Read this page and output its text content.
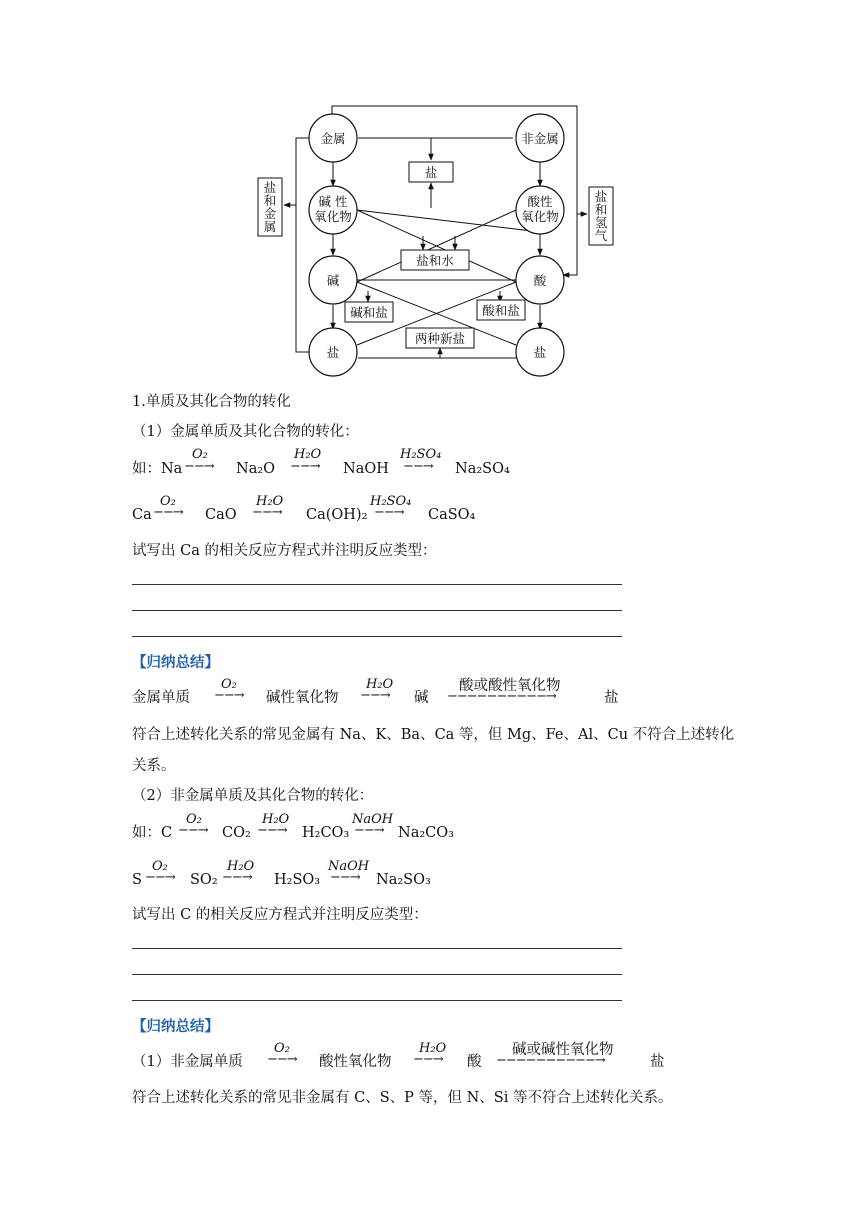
金属	非金属
碱 性
氧化物
酸性
氧化物
碱	酸
盐	盐
盐
盐和水
碱和盐	酸和盐
两种新盐
盐
和
金
属
盐
和
氢
气
1.单质及其化合物的转化
（1）金属单质及其化合物的转化：
如：Na
O₂
−−→ Na₂O
H₂O
−−→ NaOH
H₂SO₄
−−→ Na₂SO₄
Ca
O₂
−−→ CaO
H₂O
−−→ Ca(OH)₂
H₂SO₄
−−→ CaSO₄
试写出 Ca 的相关反应方程式并注明反应类型：
【归纳总结】
金属单质
O₂
−−→ 碱性氧化物
H₂O
−−→ 碱
酸或酸性氧化物
−−−−−−−−−−→	盐
符合上述转化关系的常见金属有 Na、K、Ba、Ca 等，但 Mg、Fe、Al、Cu 不符合上述转化
关系。
（2）非金属单质及其化合物的转化：
如：C
O₂
−−→ CO₂
H₂O
−−→ H₂CO₃
NaOH
−−→ Na₂CO₃
S
O₂
−−→ SO₂
H₂O
−−→ H₂SO₃
NaOH
−−→ Na₂SO₃
试写出 C 的相关反应方程式并注明反应类型：
【归纳总结】
（1）非金属单质
O₂
−−→ 酸性氧化物
H₂O
−−→ 酸
碱或碱性氧化物
−−−−−−−−−−→	盐
符合上述转化关系的常见非金属有 C、S、P 等，但 N、Si 等不符合上述转化关系。
